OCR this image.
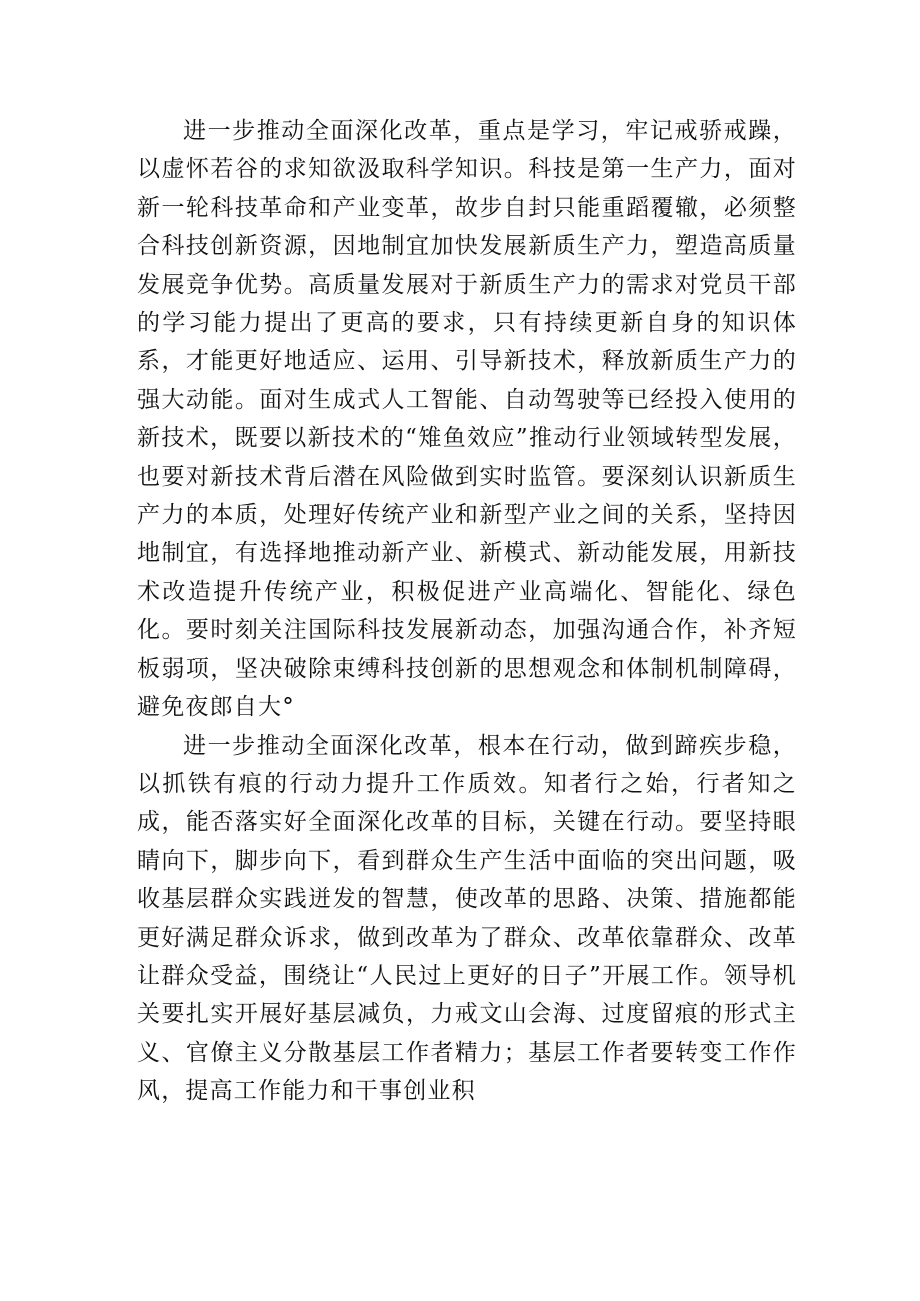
进一步推动全面深化改革，重点是学习，牢记戒骄戒躁，以虚怀若谷的求知欲汲取科学知识。科技是第一生产力，面对新一轮科技革命和产业变革，故步自封只能重蹈覆辙，必须整合科技创新资源，因地制宜加快发展新质生产力，塑造高质量发展竞争优势。高质量发展对于新质生产力的需求对党员干部的学习能力提出了更高的要求，只有持续更新自身的知识体系，才能更好地适应、运用、引导新技术，释放新质生产力的强大动能。面对生成式人工智能、自动驾驶等已经投入使用的新技术，既要以新技术的“雉鱼效应”推动行业领域转型发展，也要对新技术背后潜在风险做到实时监管。要深刻认识新质生产力的本质，处理好传统产业和新型产业之间的关系，坚持因地制宜，有选择地推动新产业、新模式、新动能发展，用新技术改造提升传统产业，积极促进产业高端化、智能化、绿色化。要时刻关注国际科技发展新动态，加强沟通合作，补齐短板弱项，坚决破除束缚科技创新的思想观念和体制机制障碍，避免夜郎自大°

进一步推动全面深化改革，根本在行动，做到蹄疾步稳，以抓铁有痕的行动力提升工作质效。知者行之始，行者知之成，能否落实好全面深化改革的目标，关键在行动。要坚持眼睛向下，脚步向下，看到群众生产生活中面临的突出问题，吸收基层群众实践迸发的智慧，使改革的思路、决策、措施都能更好满足群众诉求，做到改革为了群众、改革依靠群众、改革让群众受益，围绕让“人民过上更好的日子”开展工作。领导机关要扎实开展好基层减负，力戒文山会海、过度留痕的形式主义、官僚主义分散基层工作者精力；基层工作者要转变工作作风，提高工作能力和干事创业积
